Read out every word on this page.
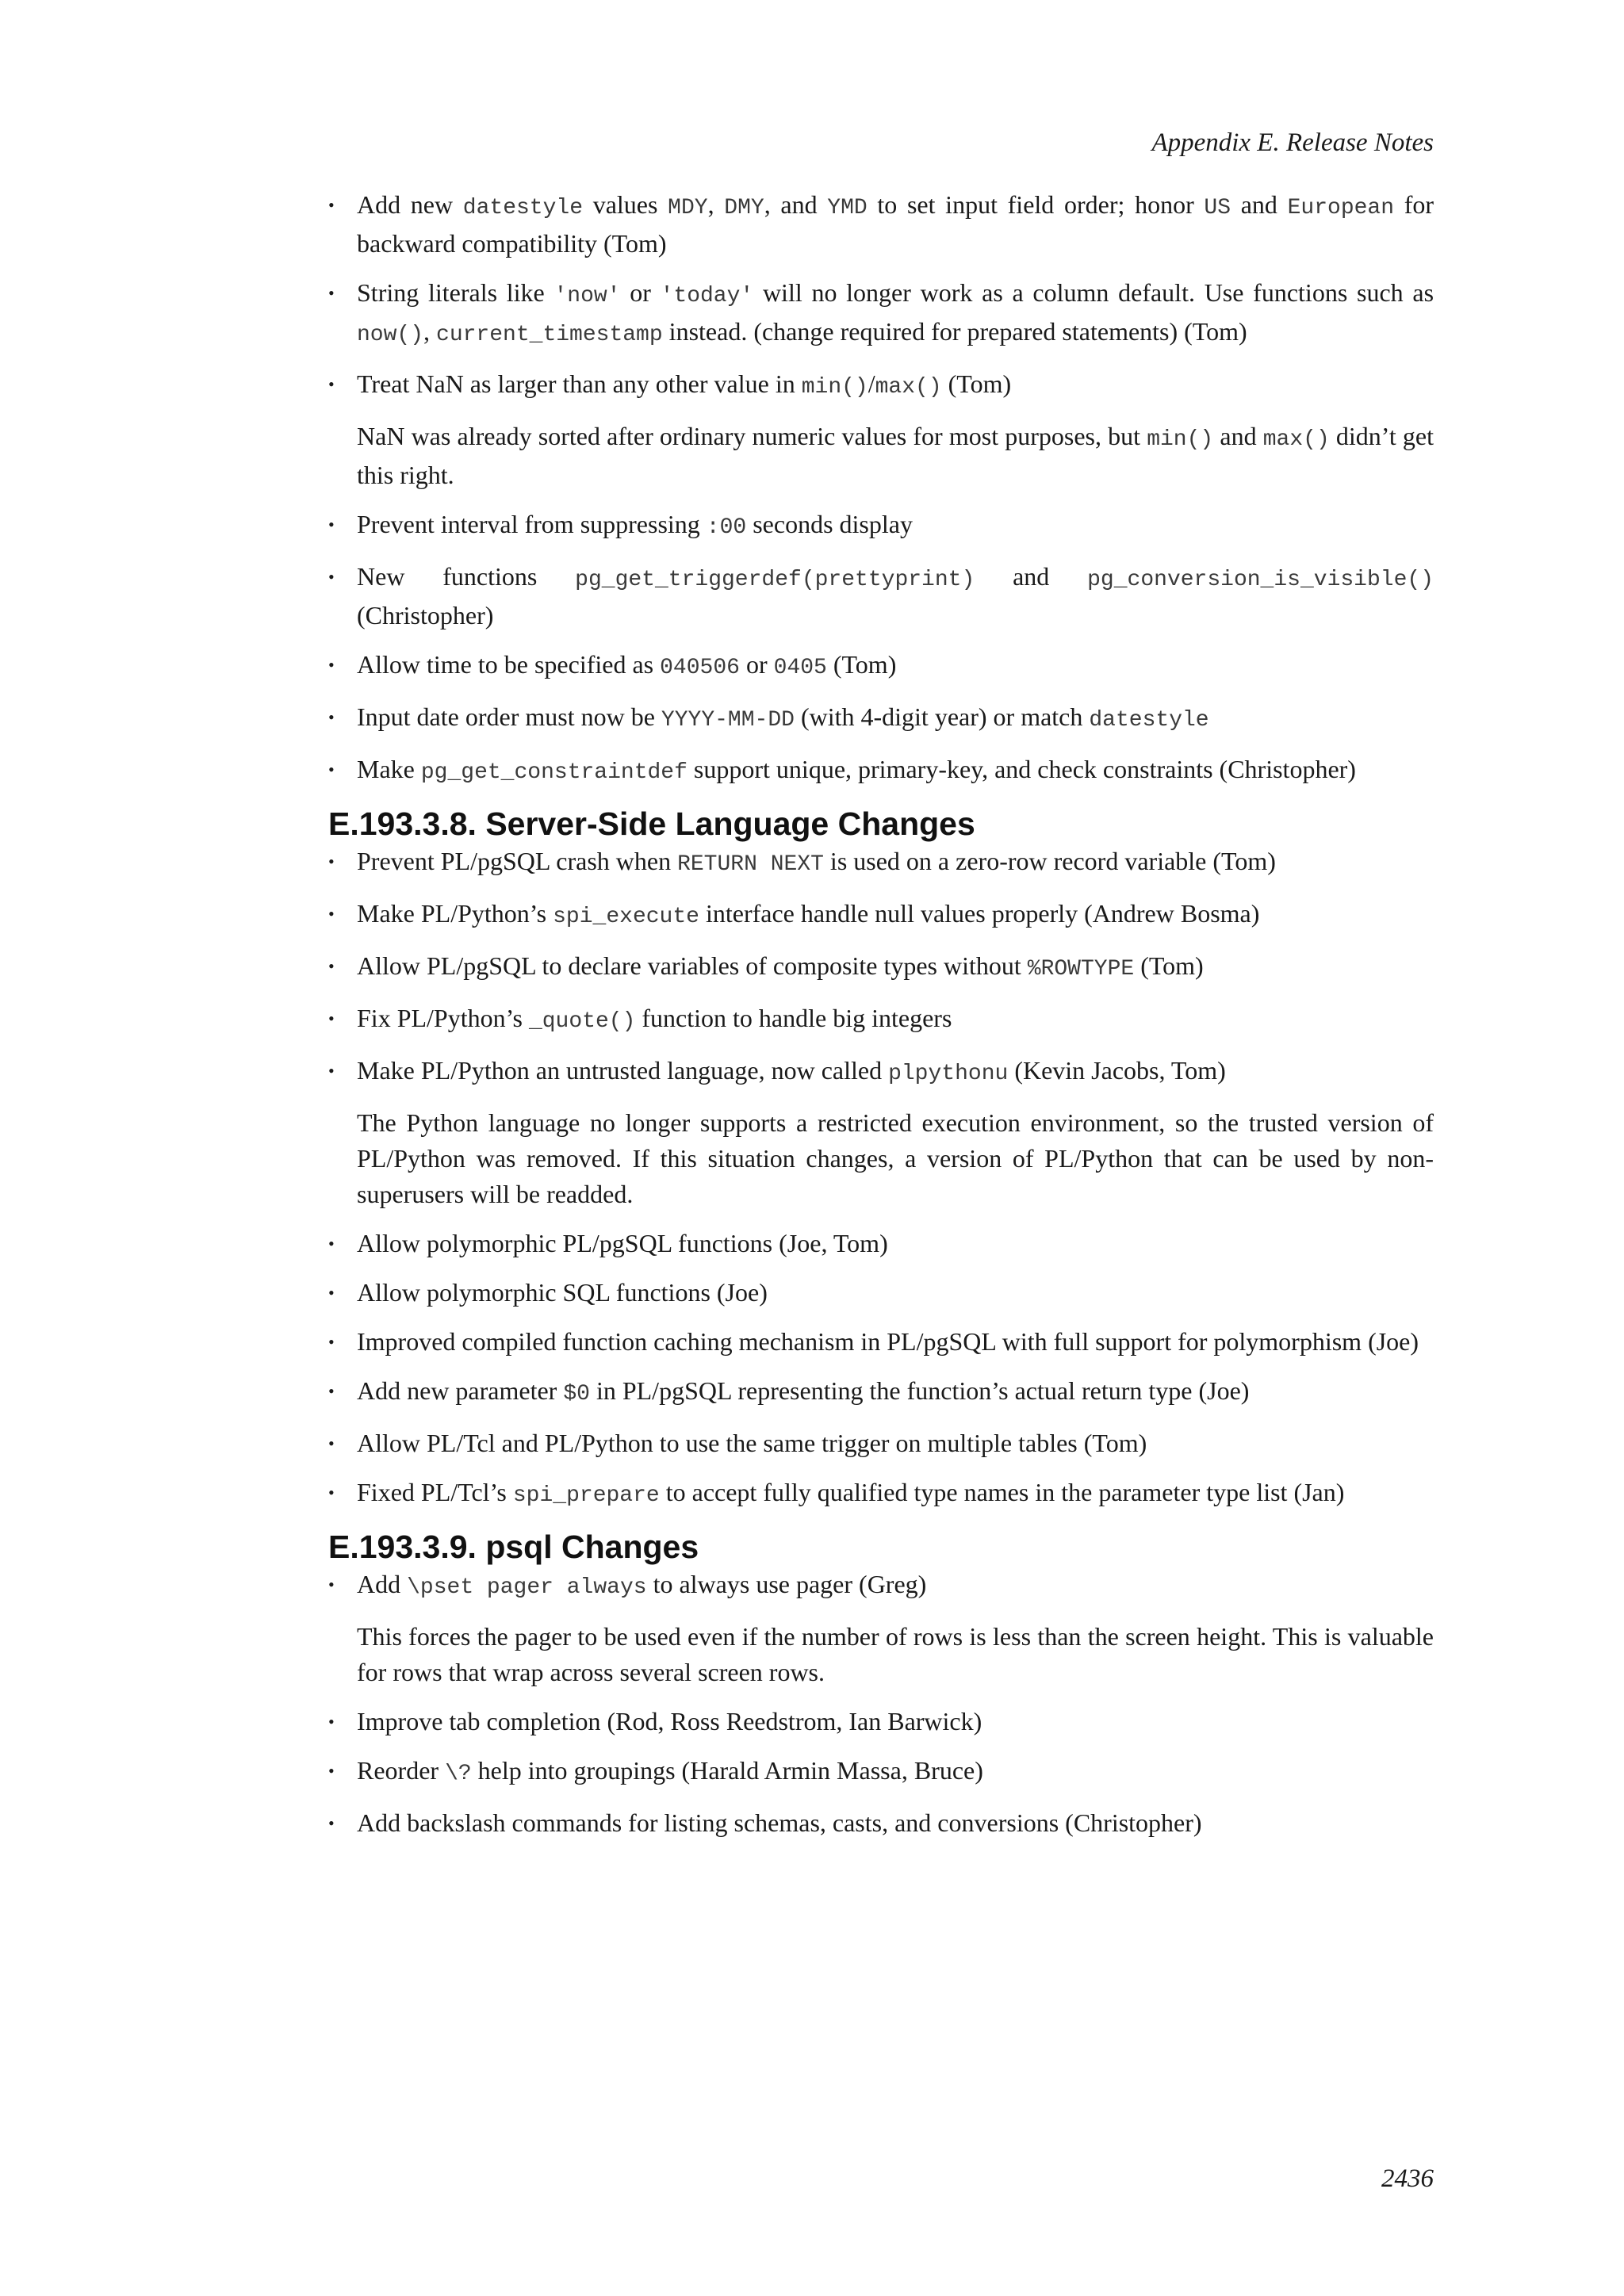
Appendix E. Release Notes
• Add new datestyle values MDY, DMY, and YMD to set input field order; honor US and European for backward compatibility (Tom)
• String literals like 'now' or 'today' will no longer work as a column default. Use functions such as now(), current_timestamp instead. (change required for prepared statements) (Tom)
• Treat NaN as larger than any other value in min()/max() (Tom)
NaN was already sorted after ordinary numeric values for most purposes, but min() and max() didn’t get this right.
• Prevent interval from suppressing :00 seconds display
• New functions pg_get_triggerdef(prettyprint) and pg_conversion_is_visible()
(Christopher)
• Allow time to be specified as 040506 or 0405 (Tom)
• Input date order must now be YYYY-MM-DD (with 4-digit year) or match datestyle
• Make pg_get_constraintdef support unique, primary-key, and check constraints (Christopher)
E.193.3.8. Server-Side Language Changes
• Prevent PL/pgSQL crash when RETURN NEXT is used on a zero-row record variable (Tom)
• Make PL/Python’s spi_execute interface handle null values properly (Andrew Bosma)
• Allow PL/pgSQL to declare variables of composite types without %ROWTYPE (Tom)
• Fix PL/Python’s _quote() function to handle big integers
• Make PL/Python an untrusted language, now called plpythonu (Kevin Jacobs, Tom)
The Python language no longer supports a restricted execution environment, so the trusted version of PL/Python was removed. If this situation changes, a version of PL/Python that can be used by non-superusers will be readded.
• Allow polymorphic PL/pgSQL functions (Joe, Tom)
• Allow polymorphic SQL functions (Joe)
• Improved compiled function caching mechanism in PL/pgSQL with full support for polymorphism (Joe)
• Add new parameter $0 in PL/pgSQL representing the function’s actual return type (Joe)
• Allow PL/Tcl and PL/Python to use the same trigger on multiple tables (Tom)
• Fixed PL/Tcl’s spi_prepare to accept fully qualified type names in the parameter type list (Jan)
E.193.3.9. psql Changes
• Add \pset pager always to always use pager (Greg)
This forces the pager to be used even if the number of rows is less than the screen height. This is valuable for rows that wrap across several screen rows.
• Improve tab completion (Rod, Ross Reedstrom, Ian Barwick)
• Reorder \? help into groupings (Harald Armin Massa, Bruce)
• Add backslash commands for listing schemas, casts, and conversions (Christopher)
2436
